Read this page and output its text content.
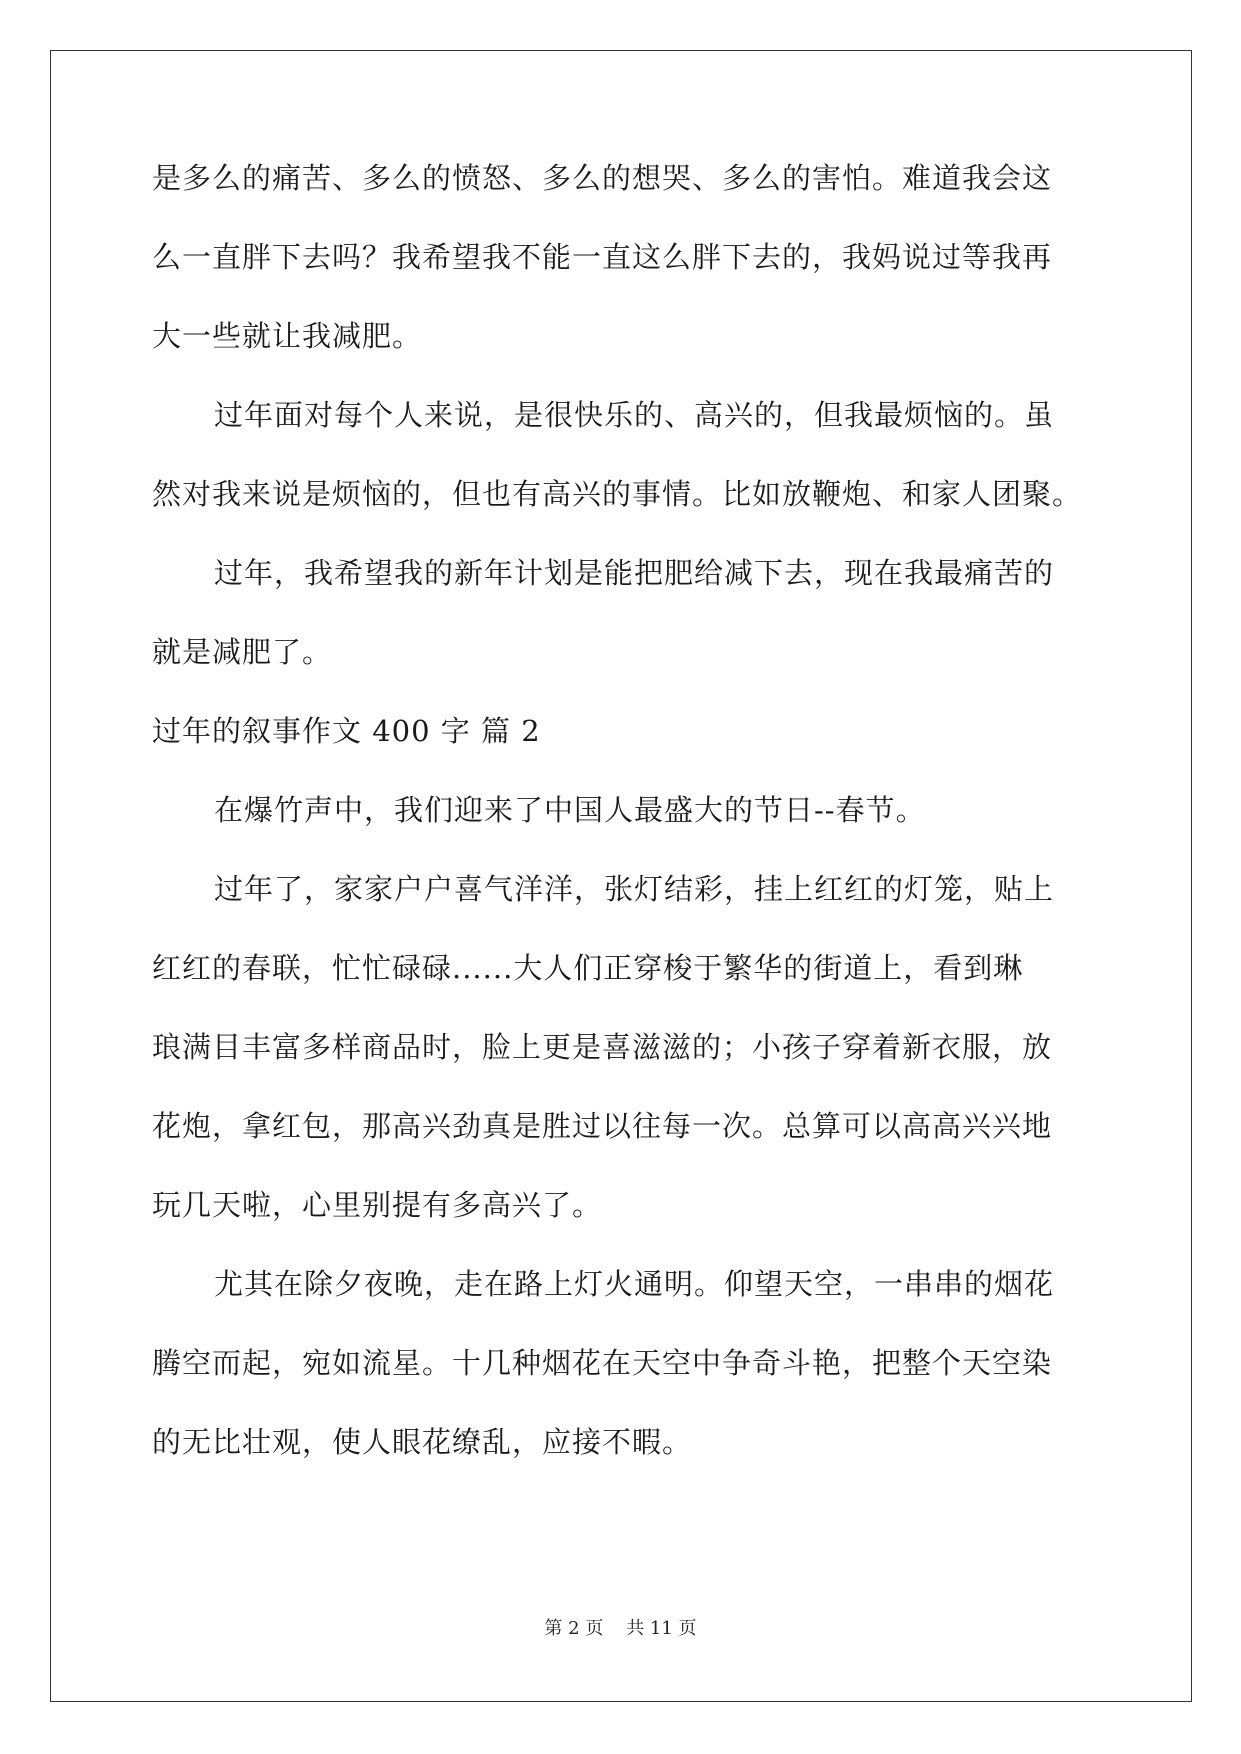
是多么的痛苦、多么的愤怒、多么的想哭、多么的害怕。难道我会这
么一直胖下去吗？我希望我不能一直这么胖下去的，我妈说过等我再
大一些就让我减肥。
过年面对每个人来说，是很快乐的、高兴的，但我最烦恼的。虽
然对我来说是烦恼的，但也有高兴的事情。比如放鞭炮、和家人团聚。
过年，我希望我的新年计划是能把肥给减下去，现在我最痛苦的
就是减肥了。
过年的叙事作文 400 字 篇 2
在爆竹声中，我们迎来了中国人最盛大的节日--春节。
过年了，家家户户喜气洋洋，张灯结彩，挂上红红的灯笼，贴上
红红的春联，忙忙碌碌......大人们正穿梭于繁华的街道上，看到琳
琅满目丰富多样商品时，脸上更是喜滋滋的；小孩子穿着新衣服，放
花炮，拿红包，那高兴劲真是胜过以往每一次。总算可以高高兴兴地
玩几天啦，心里别提有多高兴了。
尤其在除夕夜晚，走在路上灯火通明。仰望天空，一串串的烟花
腾空而起，宛如流星。十几种烟花在天空中争奇斗艳，把整个天空染
的无比壮观，使人眼花缭乱，应接不暇。
第 2 页    共 11 页
